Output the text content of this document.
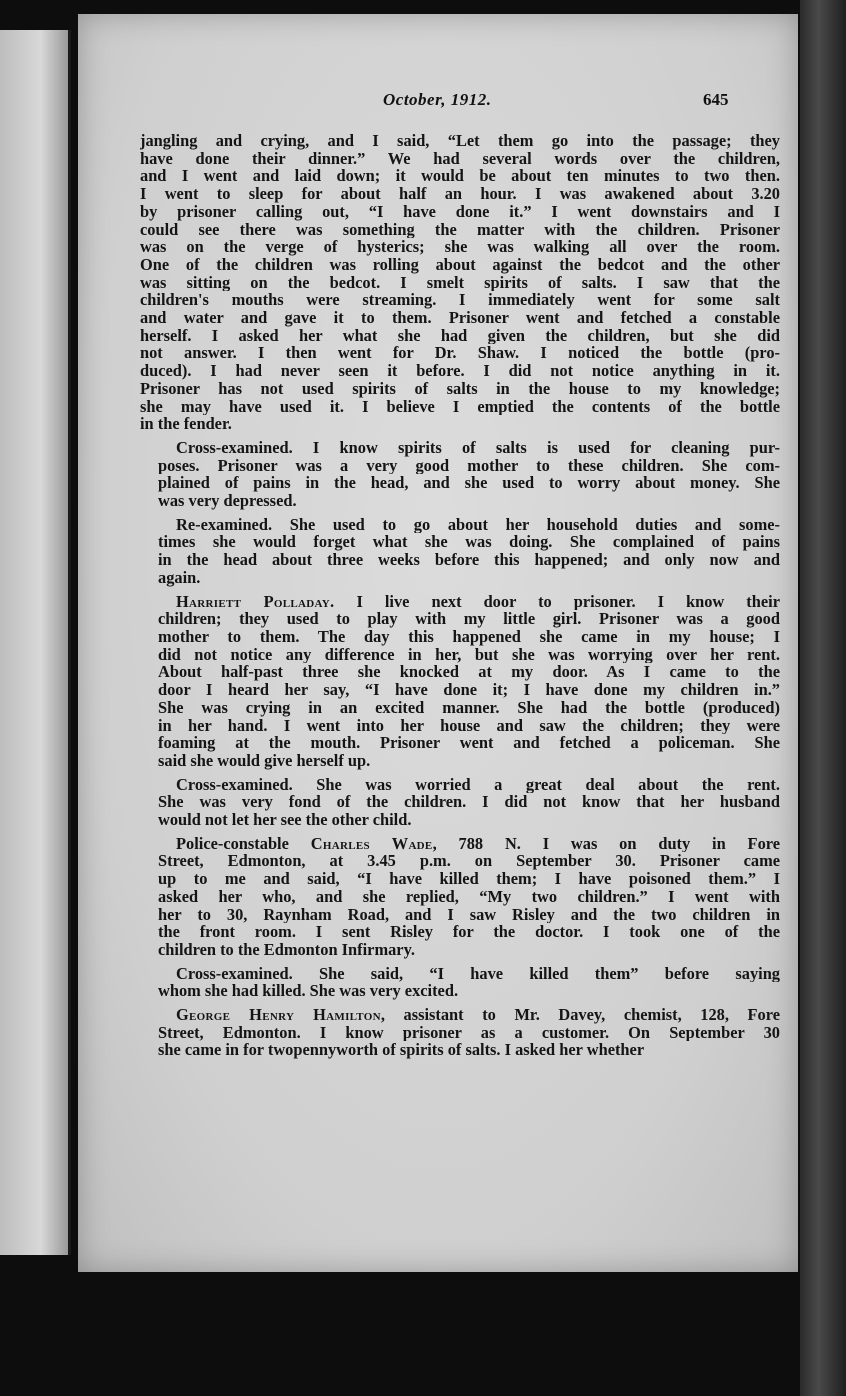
October, 1912.	645
jangling and crying, and I said, “Let them go into the passage; they
have done their dinner.” We had several words over the children,
and I went and laid down; it would be about ten minutes to two then.
I went to sleep for about half an hour. I was awakened about 3.20
by prisoner calling out, “I have done it.” I went downstairs and I
could see there was something the matter with the children. Prisoner
was on the verge of hysterics; she was walking all over the room.
One of the children was rolling about against the bedcot and the other
was sitting on the bedcot. I smelt spirits of salts. I saw that the
children's mouths were streaming. I immediately went for some salt
and water and gave it to them. Prisoner went and fetched a constable
herself. I asked her what she had given the children, but she did
not answer. I then went for Dr. Shaw. I noticed the bottle (pro-
duced). I had never seen it before. I did not notice anything in it.
Prisoner has not used spirits of salts in the house to my knowledge;
she may have used it. I believe I emptied the contents of the bottle
in the fender.
Cross-examined. I know spirits of salts is used for cleaning pur-
poses. Prisoner was a very good mother to these children. She com-
plained of pains in the head, and she used to worry about money. She
was very depressed.
Re-examined. She used to go about her household duties and some-
times she would forget what she was doing. She complained of pains
in the head about three weeks before this happened; and only now and
again.
Harriett Polladay. I live next door to prisoner. I know their
children; they used to play with my little girl. Prisoner was a good
mother to them. The day this happened she came in my house; I
did not notice any difference in her, but she was worrying over her rent.
About half-past three she knocked at my door. As I came to the
door I heard her say, “I have done it; I have done my children in.”
She was crying in an excited manner. She had the bottle (produced)
in her hand. I went into her house and saw the children; they were
foaming at the mouth. Prisoner went and fetched a policeman. She
said she would give herself up.
Cross-examined. She was worried a great deal about the rent.
She was very fond of the children. I did not know that her husband
would not let her see the other child.
Police-constable Charles Wade, 788 N. I was on duty in Fore
Street, Edmonton, at 3.45 p.m. on September 30. Prisoner came
up to me and said, “I have killed them; I have poisoned them.” I
asked her who, and she replied, “My two children.” I went with
her to 30, Raynham Road, and I saw Risley and the two children in
the front room. I sent Risley for the doctor. I took one of the
children to the Edmonton Infirmary.
Cross-examined. She said, “I have killed them” before saying
whom she had killed. She was very excited.
George Henry Hamilton, assistant to Mr. Davey, chemist, 128, Fore
Street, Edmonton. I know prisoner as a customer. On September 30
she came in for twopennyworth of spirits of salts. I asked her whether
